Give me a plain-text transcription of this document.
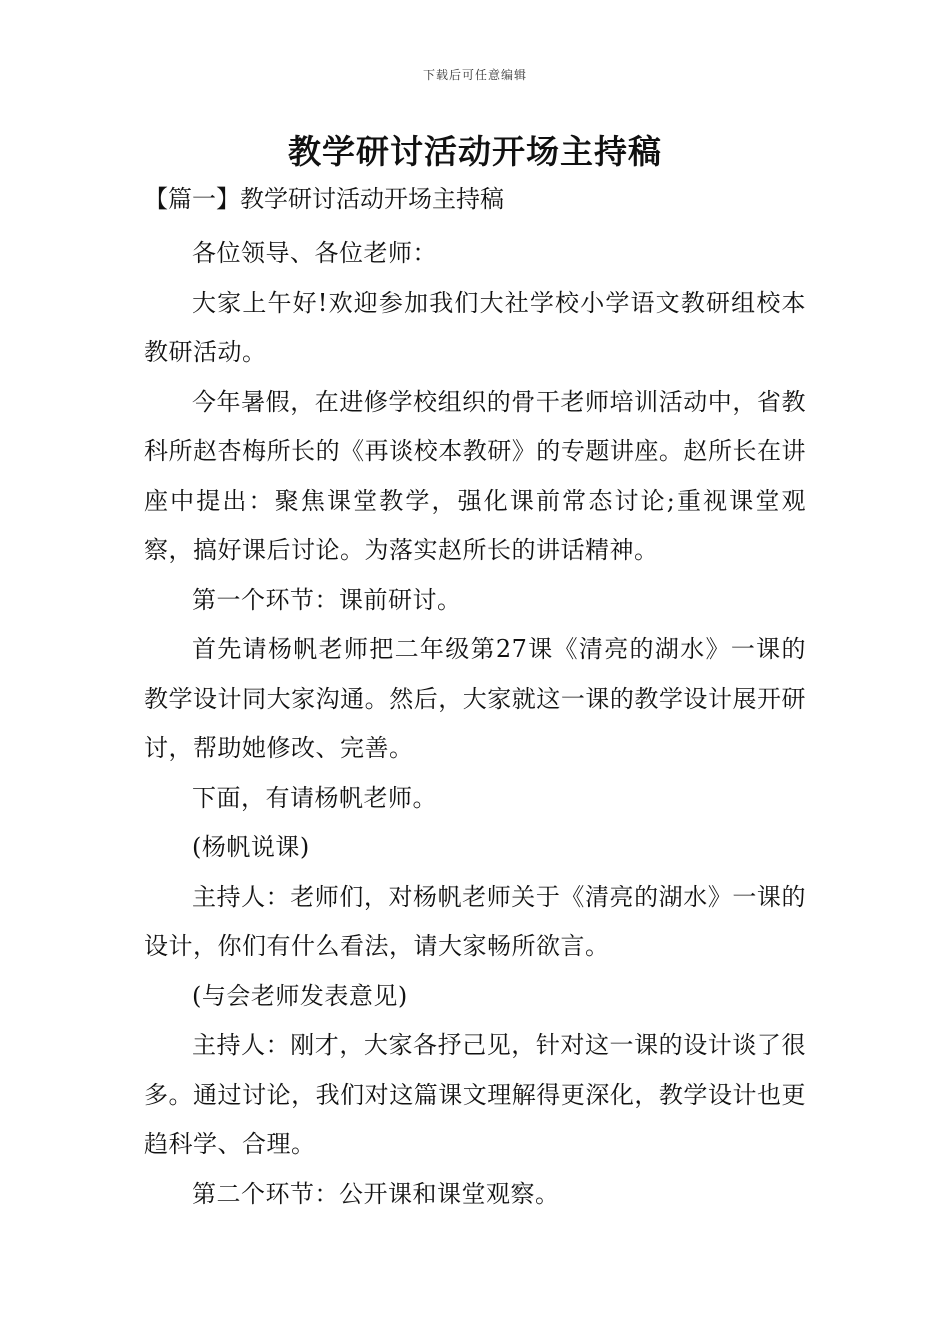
下载后可任意编辑
教学研讨活动开场主持稿
【篇一】教学研讨活动开场主持稿

各位领导、各位老师：

大家上午好!欢迎参加我们大社学校小学语文教研组校本教研活动。

今年暑假，在进修学校组织的骨干老师培训活动中，省教科所赵杏梅所长的《再谈校本教研》的专题讲座。赵所长在讲座中提出：聚焦课堂教学，强化课前常态讨论;重视课堂观察，搞好课后讨论。为落实赵所长的讲话精神。

第一个环节：课前研讨。

首先请杨帆老师把二年级第27课《清亮的湖水》一课的教学设计同大家沟通。然后，大家就这一课的教学设计展开研讨，帮助她修改、完善。

下面，有请杨帆老师。

(杨帆说课)

主持人：老师们，对杨帆老师关于《清亮的湖水》一课的设计，你们有什么看法，请大家畅所欲言。

(与会老师发表意见)

主持人：刚才，大家各抒己见，针对这一课的设计谈了很多。通过讨论，我们对这篇课文理解得更深化，教学设计也更趋科学、合理。

第二个环节：公开课和课堂观察。
